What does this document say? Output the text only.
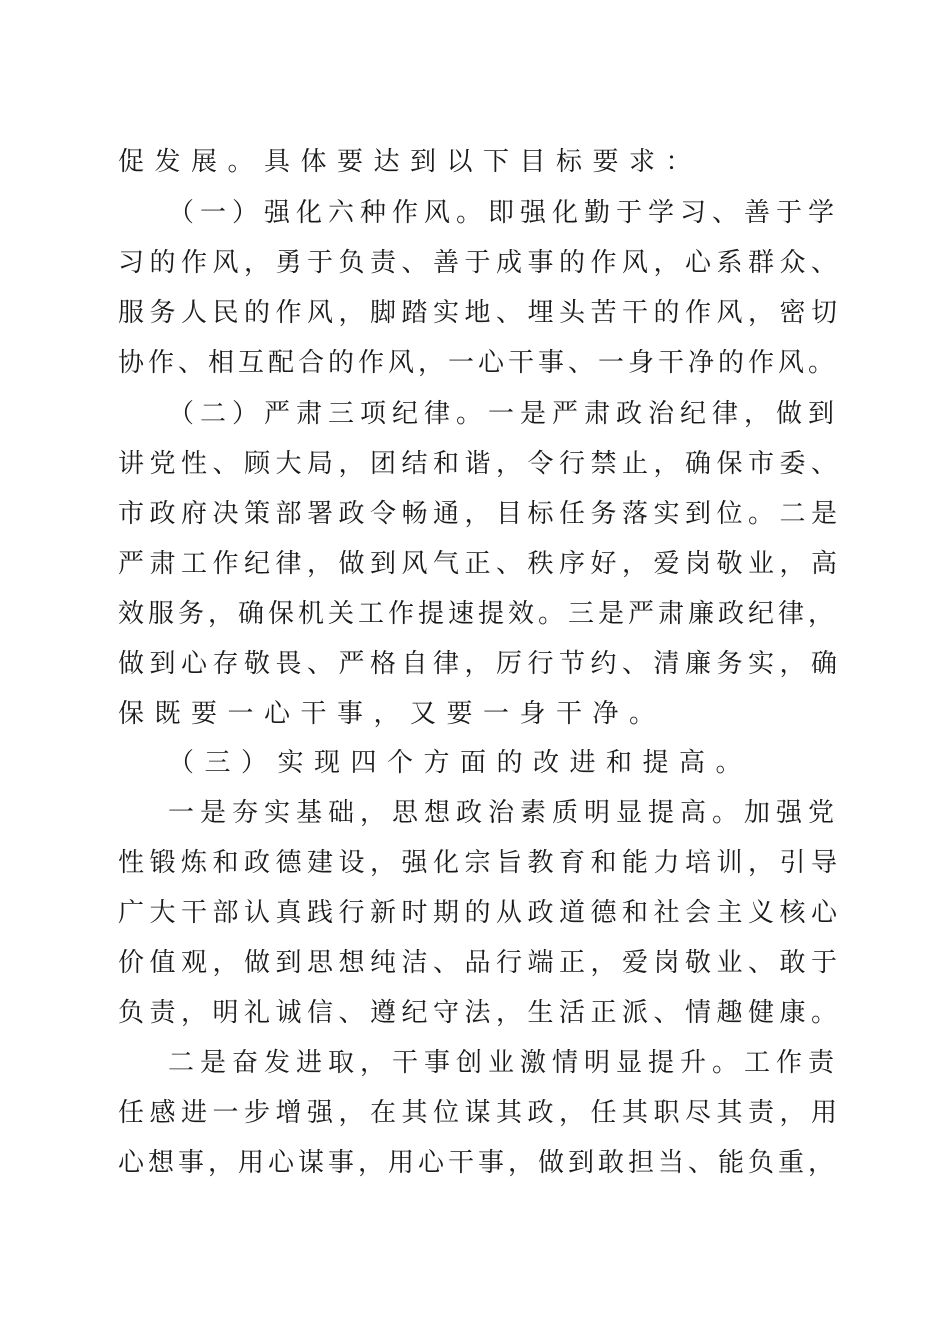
促发展。具体要达到以下目标要求：
（一）强化六种作风。即强化勤于学习、善于学
习的作风，勇于负责、善于成事的作风，心系群众、
服务人民的作风，脚踏实地、埋头苦干的作风，密切
协作、相互配合的作风，一心干事、一身干净的作风。
（二）严肃三项纪律。一是严肃政治纪律，做到
讲党性、顾大局，团结和谐，令行禁止，确保市委、
市政府决策部署政令畅通，目标任务落实到位。二是
严肃工作纪律，做到风气正、秩序好，爱岗敬业，高
效服务，确保机关工作提速提效。三是严肃廉政纪律，
做到心存敬畏、严格自律，厉行节约、清廉务实，确
保既要一心干事，又要一身干净。
（三）实现四个方面的改进和提高。
一是夯实基础，思想政治素质明显提高。加强党
性锻炼和政德建设，强化宗旨教育和能力培训，引导
广大干部认真践行新时期的从政道德和社会主义核心
价值观，做到思想纯洁、品行端正，爱岗敬业、敢于
负责，明礼诚信、遵纪守法，生活正派、情趣健康。
二是奋发进取，干事创业激情明显提升。工作责
任感进一步增强，在其位谋其政，任其职尽其责，用
心想事，用心谋事，用心干事，做到敢担当、能负重，
